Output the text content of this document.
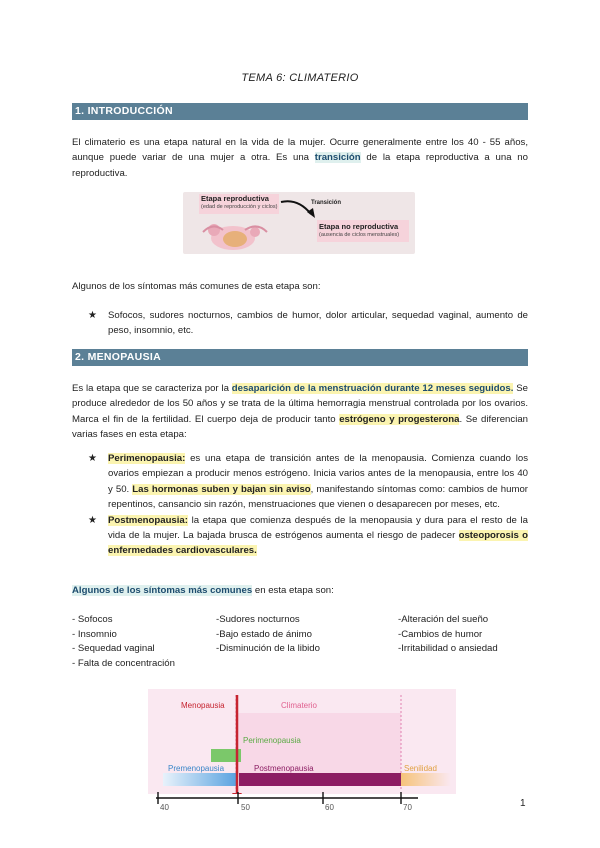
TEMA 6: CLIMATERIO
1. INTRODUCCIÓN
El climaterio es una etapa natural en la vida de la mujer. Ocurre generalmente entre los 40 - 55 años, aunque puede variar de una mujer a otra. Es una transición de la etapa reproductiva a una no reproductiva.
Etapa reproductiva
(edad de reproducción y ciclos)
Transición
Etapa no reproductiva
(ausencia de ciclos menstruales)
Algunos de los síntomas más comunes de esta etapa son:
★ Sofocos, sudores nocturnos, cambios de humor, dolor articular, sequedad vaginal, aumento de peso, insomnio, etc.
2. MENOPAUSIA
Es la etapa que se caracteriza por la desaparición de la menstruación durante 12 meses seguidos. Se produce alrededor de los 50 años y se trata de la última hemorragia menstrual controlada por los ovarios. Marca el fin de la fertilidad. El cuerpo deja de producir tanto estrógeno y progesterona. Se diferencian varias fases en esta etapa:
★ Perimenopausia: es una etapa de transición antes de la menopausia. Comienza cuando los ovarios empiezan a producir menos estrógeno. Inicia varios antes de la menopausia, entre los 40 y 50. Las hormonas suben y bajan sin aviso, manifestando síntomas como: cambios de humor repentinos, cansancio sin razón, menstruaciones que vienen o desaparecen por meses, etc.
★ Postmenopausia: la etapa que comienza después de la menopausia y dura para el resto de la vida de la mujer. La bajada brusca de estrógenos aumenta el riesgo de padecer osteoporosis o enfermedades cardiovasculares.
Algunos de los síntomas más comunes en esta etapa son:
- Sofocos
- Insomnio
- Sequedad vaginal
- Falta de concentración
-Sudores nocturnos
-Bajo estado de ánimo
-Disminución de la libido
-Alteración del sueño
-Cambios de humor
-Irritabilidad o ansiedad
Menopausia	Climaterio
Perimenopausia
Premenopausia	Postmenopausia	Senilidad
40	50	60	70	1
